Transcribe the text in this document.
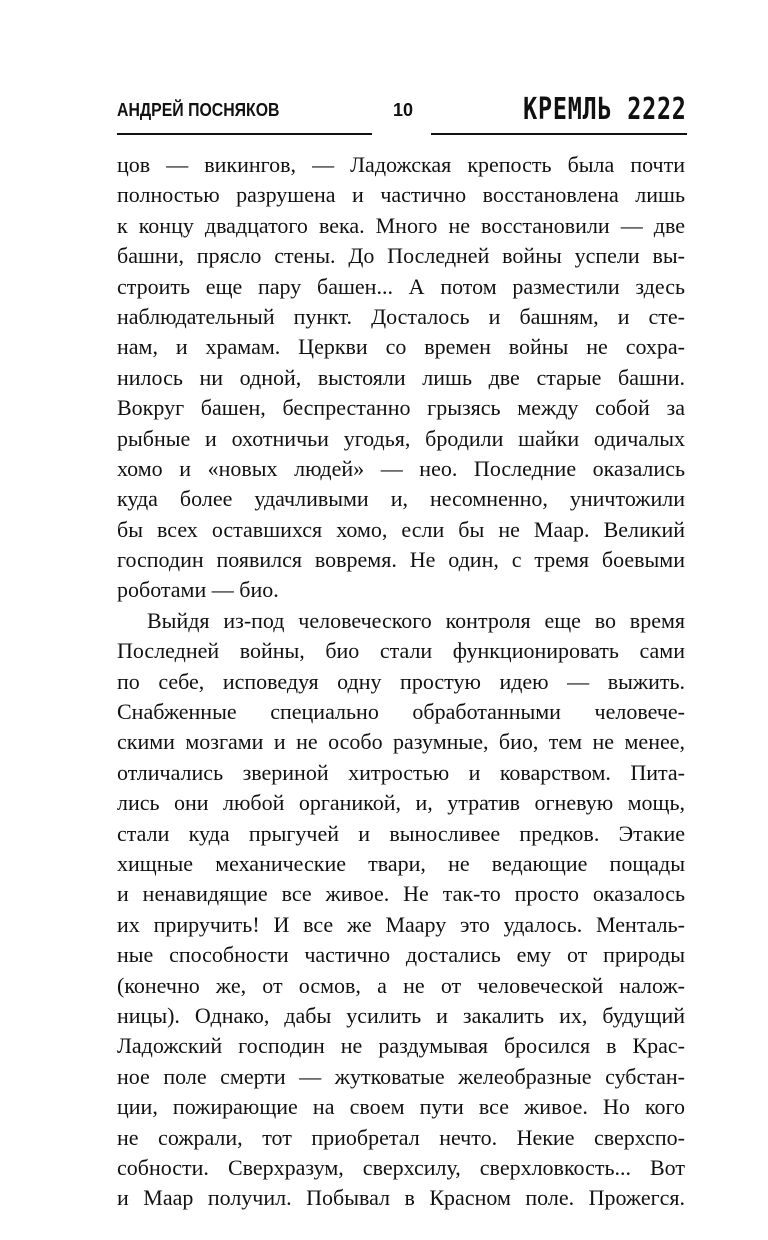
АНДРЕЙ ПОСНЯКОВ	10	КРЕМЛЬ 2222
цов — викингов, — Ладожская крепость была почти
полностью разрушена и частично восстановлена лишь
к концу двадцатого века. Много не восстановили — две
башни, прясло стены. До Последней войны успели вы-
строить еще пару башен... А потом разместили здесь
наблюдательный пункт. Досталось и башням, и сте-
нам, и храмам. Церкви со времен войны не сохра-
нилось ни одной, выстояли лишь две старые башни.
Вокруг башен, беспрестанно грызясь между собой за
рыбные и охотничьи угодья, бродили шайки одичалых
хомо и «новых людей» — нео. Последние оказались
куда более удачливыми и, несомненно, уничтожили
бы всех оставшихся хомо, если бы не Маар. Великий
господин появился вовремя. Не один, с тремя боевыми
роботами — био.
Выйдя из-под человеческого контроля еще во время
Последней войны, био стали функционировать сами
по себе, исповедуя одну простую идею — выжить.
Снабженные специально обработанными человече-
скими мозгами и не особо разумные, био, тем не менее,
отличались звериной хитростью и коварством. Пита-
лись они любой органикой, и, утратив огневую мощь,
стали куда прыгучей и выносливее предков. Этакие
хищные механические твари, не ведающие пощады
и ненавидящие все живое. Не так-то просто оказалось
их приручить! И все же Маару это удалось. Менталь-
ные способности частично достались ему от природы
(конечно же, от осмов, а не от человеческой налож-
ницы). Однако, дабы усилить и закалить их, будущий
Ладожский господин не раздумывая бросился в Крас-
ное поле смерти — жутковатые желеобразные субстан-
ции, пожирающие на своем пути все живое. Но кого
не сожрали, тот приобретал нечто. Некие сверхспо-
собности. Сверхразум, сверхсилу, сверхловкость... Вот
и Маар получил. Побывал в Красном поле. Прожегся.
